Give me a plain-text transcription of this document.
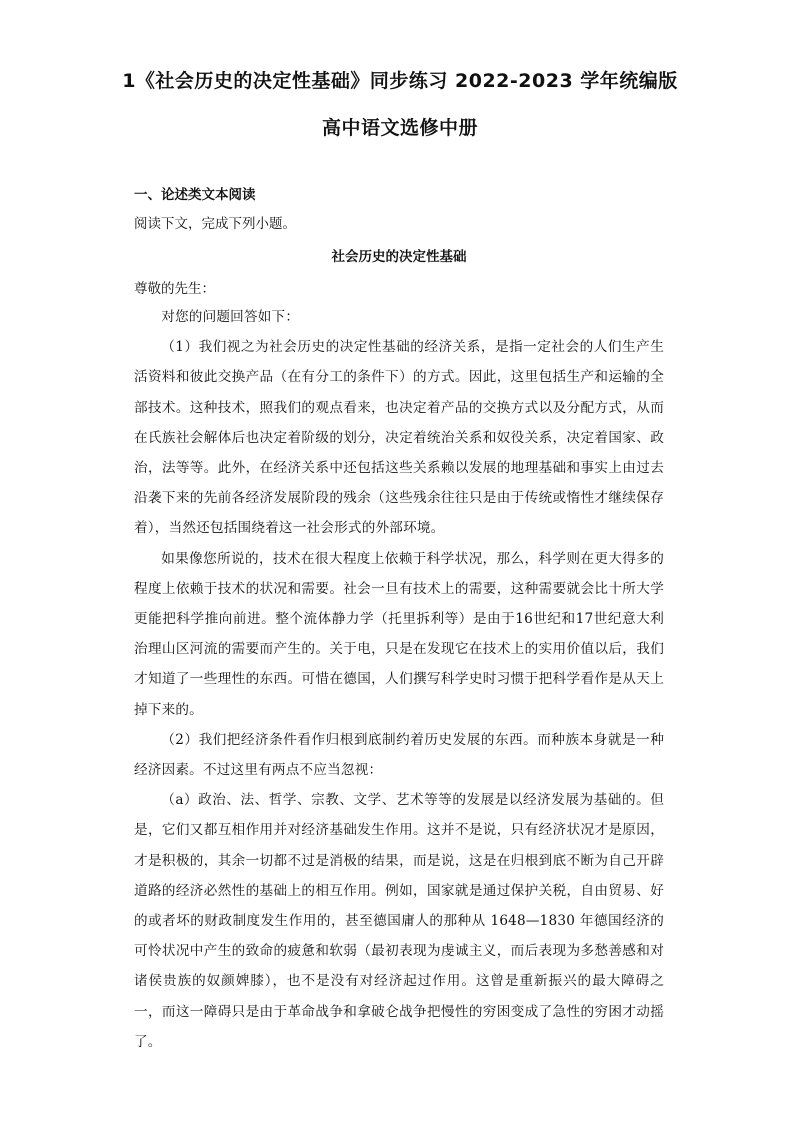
1《社会历史的决定性基础》同步练习 2022-2023 学年统编版
高中语文选修中册
一、论述类文本阅读

阅读下文，完成下列小题。

社会历史的决定性基础

尊敬的先生：

对您的问题回答如下：

（1）我们视之为社会历史的决定性基础的经济关系，是指一定社会的人们生产生活资料和彼此交换产品（在有分工的条件下）的方式。因此，这里包括生产和运输的全部技术。这种技术，照我们的观点看来，也决定着产品的交换方式以及分配方式，从而在氏族社会解体后也决定着阶级的划分，决定着统治关系和奴役关系，决定着国家、政治，法等等。此外，在经济关系中还包括这些关系赖以发展的地理基础和事实上由过去沿袭下来的先前各经济发展阶段的残余（这些残余往往只是由于传统或惰性才继续保存着），当然还包括围绕着这一社会形式的外部环境。

如果像您所说的，技术在很大程度上依赖于科学状况，那么，科学则在更大得多的程度上依赖于技术的状况和需要。社会一旦有技术上的需要，这种需要就会比十所大学更能把科学推向前进。整个流体静力学（托里拆利等）是由于16世纪和17世纪意大利治理山区河流的需要而产生的。关于电，只是在发现它在技术上的实用价值以后，我们才知道了一些理性的东西。可惜在德国，人们撰写科学史时习惯于把科学看作是从天上掉下来的。

（2）我们把经济条件看作归根到底制约着历史发展的东西。而种族本身就是一种经济因素。不过这里有两点不应当忽视：

（a）政治、法、哲学、宗教、文学、艺术等等的发展是以经济发展为基础的。但是，它们又都互相作用并对经济基础发生作用。这并不是说，只有经济状况才是原因，才是积极的，其余一切都不过是消极的结果，而是说，这是在归根到底不断为自己开辟道路的经济必然性的基础上的相互作用。例如，国家就是通过保护关税，自由贸易、好的或者坏的财政制度发生作用的，甚至德国庸人的那种从 1648—1830 年德国经济的可怜状况中产生的致命的疲惫和软弱（最初表现为虔诚主义，而后表现为多愁善感和对诸侯贵族的奴颜婢膝），也不是没有对经济起过作用。这曾是重新振兴的最大障碍之一，而这一障碍只是由于革命战争和拿破仑战争把慢性的穷困变成了急性的穷困才动摇了。
